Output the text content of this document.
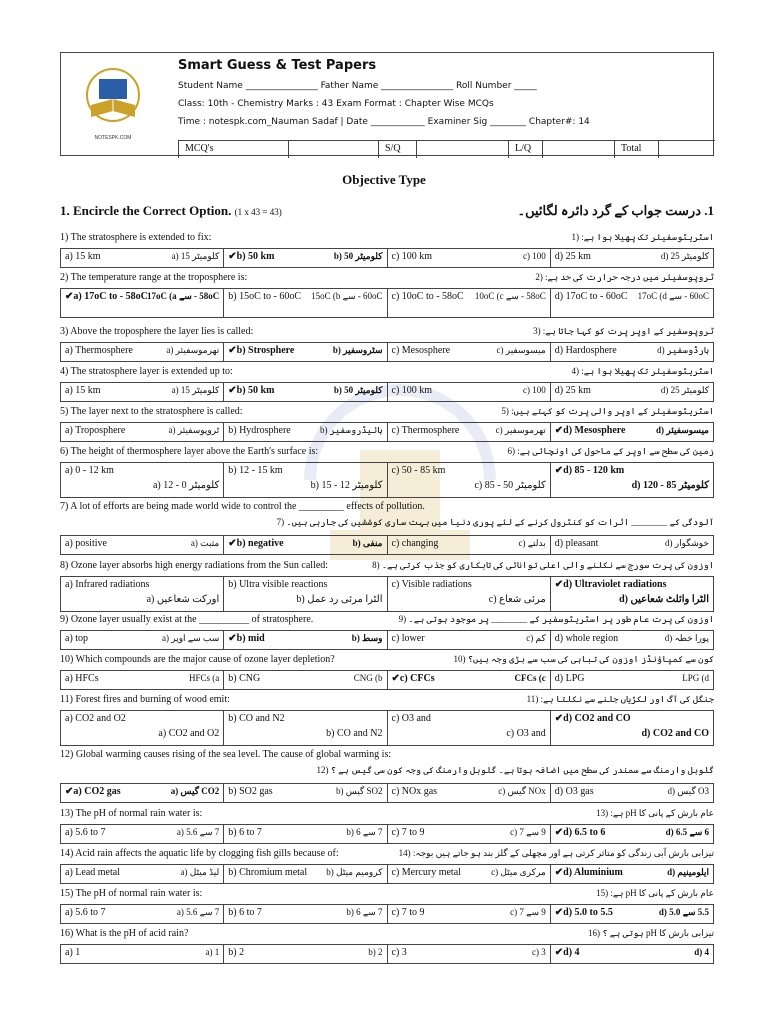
NOTESPK.COM
Smart Guess & Test Papers
Student Name ________________ Father Name ________________ Roll Number _____
Class: 10th - Chemistry Marks : 43 Exam Format : Chapter Wise MCQs
Time : notespk.com_Nauman Sadaf | Date ____________ Examiner Sig ________ Chapter#: 14
MCQ's	S/Q	L/Q	Total
Objective Type
1. Encircle the Correct Option. (1 x 43 = 43)	1. درست جواب کے گرد دائرہ لگائیں۔
1) The stratosphere is extended to fix:	اسٹریٹوسفیئر تک پھیلا ہوا ہے: (1
a) 15 km	کلومیٹر 15 (a ✔b) 50 km	کلومیٹر 50 (b c) 100 km	100 (c d) 25 km	کلومیٹر 25 (d
2) The temperature range at the troposphere is:	ٹروپوسفیئر میں درجہ حرارت کی حد ہے: (2
✔a) 17oC to - 58oC 58oC - سے 17oC (a b) 15oC to - 60oC 60oC - سے 15oC (b c) 10oC to - 58oC 58oC - سے 10oC (c d) 17oC to - 60oC 60oC - سے 17oC (d
3) Above the troposphere the layer lies is called:	ٹروپوسفیر کے اوپر پرت کو کہا جاتا ہے: (3
a) Thermosphere	تھرموسفیئر (a ✔b) Strosphere	سٹروسفیر (b c) Mesosphere	میسوسفیر (c d) Hardosphere	ہارڈوسفیر (d
4) The stratosphere layer is extended up to:	اسٹریٹوسفیئر تک پھیلا ہوا ہے: (4
a) 15 km	کلومیٹر 15 (a ✔b) 50 km	کلومیٹر 50 (b c) 100 km	100 (c d) 25 km	کلومیٹر 25 (d
5) The layer next to the stratosphere is called:	اسٹریٹوسفیئر کے اوپر والی پرت کو کہتے ہیں: (5
a) Troposphere	ٹروپوسفیئر (a b) Hydrosphere	ہائیڈروسفیر (b c) Thermosphere	تھرموسفیر (c ✔d) Mesosphere	میسوسفیئر (d
6) The height of thermosphere layer above the Earth's surface is:	زمین کی سطح سے اوپر کے ماحول کی اونچائی ہے: (6
a) 0 - 12 km
کلومیٹر 0 - 12 (a
b) 12 - 15 km
کلومیٹر 12 - 15 (b
c) 50 - 85 km
کلومیٹر 50 - 85 (c
✔d) 85 - 120 km
کلومیٹر 85 - 120 (d
7) A lot of efforts are being made world wide to control the _________ effects of pollution.
آلودگی کے ________ اثرات کو کنٹرول کرنے کے لئے پوری دنیا میں بہت ساری کوششیں کی جارہی ہیں۔ (7
a) positive	مثبت (a ✔b) negative	منفی (b c) changing	بدلتے (c d) pleasant	خوشگوار (d
8) Ozone layer absorbs high energy radiations from the Sun called:	اوزون کی پرت سورج سے نکلنے والی اعلی توانائی کی تابکاری کو جذب کرتی ہے۔ (8
a) Infrared radiations
اورکت شعاعیں (a
b) Ultra visible reactions
الٹرا مرئی رد عمل (b
c) Visible radiations
مرئی شعاع (c
✔d) Ultraviolet radiations
الٹرا وائلٹ شعاعیں (d
9) Ozone layer usually exist at the __________ of stratosphere.	اوزون کی پرت عام طور پر اسٹریٹوسفیر کے ________ پر موجود ہوتی ہے۔ (9
a) top	سب سے اوپر (a ✔b) mid	وسط (b c) lower	کم (c d) whole region	پورا خطہ (d
10) Which compounds are the major cause of ozone layer depletion?	کون سے کمپاؤنڈز اوزون کی تباہی کی سب سے بڑی وجہ ہیں؟ (10
a) HFCs	HFCs (a b) CNG	CNG (b ✔c) CFCs	CFCs (c d) LPG	LPG (d
11) Forest fires and burning of wood emit:	جنگل کی آگ اور لکڑیاں جلنے سے نکلتا ہے: (11
a) CO2 and O2
a) CO2 and O2
b) CO and N2
b) CO and N2
c) O3 and
c) O3 and
✔d) CO2 and CO
d) CO2 and CO
12) Global warming causes rising of the sea level. The cause of global warming is:
گلوبل وارمنگ سے سمندر کی سطح میں اضافہ ہوتا ہے۔ گلوبل وارمنگ کی وجہ کون سی گیس ہے ؟ (12
✔a) CO2 gas	CO2 گیس (a b) SO2 gas	SO2 گیس (b c) NOx gas	NOx گیس (c d) O3 gas	O3 گیس (d
13) The pH of normal rain water is:	عام بارش کے پانی کا pH ہے: (13
a) 5.6 to 7	7 سے 5.6 (a b) 6 to 7	7 سے 6 (b c) 7 to 9	9 سے 7 (c ✔d) 6.5 to 6	6 سے 6.5 (d
14) Acid rain affects the aquatic life by clogging fish gills because of:	تیزابی بارش آبی زندگی کو متاثر کرتی ہے اور مچھلی کے گلز بند ہو جاتے ہیں بوجہ: (14
a) Lead metal	لیڈ میٹل (a b) Chromium metal کرومیم میٹل (b c) Mercury metal	مرکری میٹل (c ✔d) Aluminium	ایلومینیم (d
15) The pH of normal rain water is:	عام بارش کے پانی کا pH ہے: (15
a) 5.6 to 7	7 سے 5.6 (a b) 6 to 7	7 سے 6 (b c) 7 to 9	9 سے 7 (c ✔d) 5.0 to 5.5	5.5 سے 5.0 (d
16) What is the pH of acid rain?	تیزابی بارش کا pH ہوتی ہے ؟ (16
a) 1	1 (a b) 2	2 (b c) 3	3 (c ✔d) 4	4 (d
